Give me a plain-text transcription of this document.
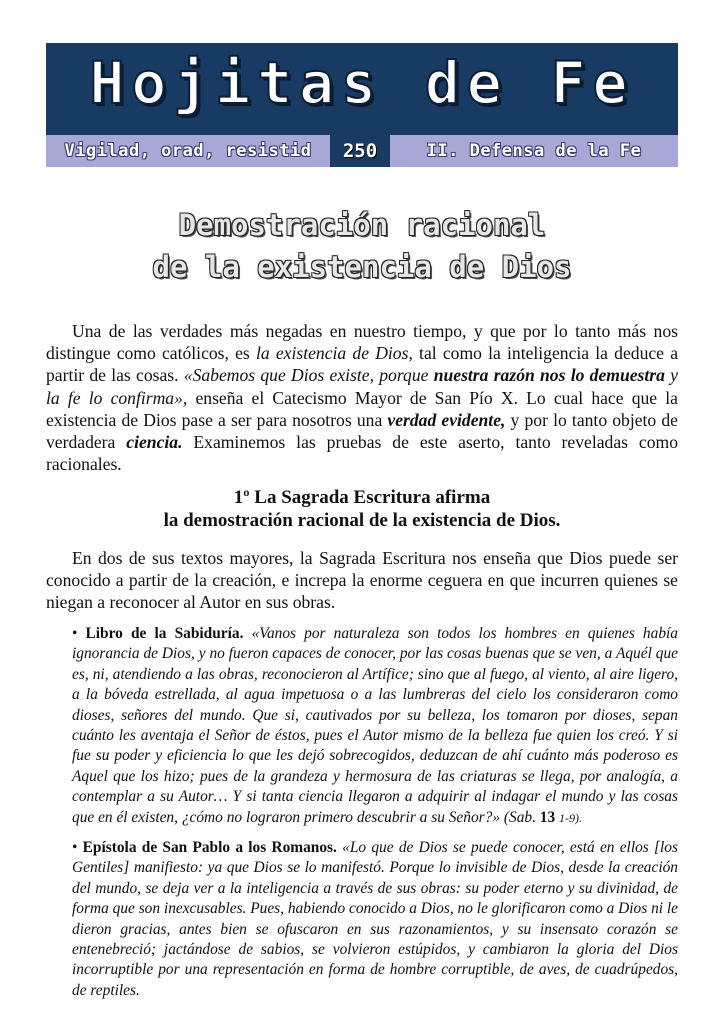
Hojitas de Fe
Vigilad, orad, resistid	250	II. Defensa de la Fe
Demostración racional
de la existencia de Dios

Una de las verdades más negadas en nuestro tiempo, y que por lo tanto más nos distingue como católicos, es la existencia de Dios, tal como la inteligencia la deduce a partir de las cosas. «Sabemos que Dios existe, porque nuestra razón nos lo demuestra y la fe lo confirma», enseña el Catecismo Mayor de San Pío X. Lo cual hace que la existencia de Dios pase a ser para nosotros una verdad evidente, y por lo tanto objeto de verdadera ciencia. Examinemos las pruebas de este aserto, tanto reveladas como racionales.

1º La Sagrada Escritura afirma
la demostración racional de la existencia de Dios.

En dos de sus textos mayores, la Sagrada Escritura nos enseña que Dios puede ser conocido a partir de la creación, e increpa la enorme ceguera en que incurren quienes se niegan a reconocer al Autor en sus obras.

• Libro de la Sabiduría. «Vanos por naturaleza son todos los hombres en quienes había ignorancia de Dios, y no fueron capaces de conocer, por las cosas buenas que se ven, a Aquél que es, ni, atendiendo a las obras, reconocieron al Artífice; sino que al fuego, al viento, al aire ligero, a la bóveda estrellada, al agua impetuosa o a las lumbreras del cielo los consideraron como dioses, señores del mundo. Que si, cautivados por su belleza, los tomaron por dioses, sepan cuánto les aventaja el Señor de éstos, pues el Autor mismo de la belleza fue quien los creó. Y si fue su poder y eficiencia lo que les dejó sobrecogidos, deduzcan de ahí cuánto más poderoso es Aquel que los hizo; pues de la grandeza y hermosura de las criaturas se llega, por analogía, a contemplar a su Autor… Y si tanta ciencia llegaron a adquirir al indagar el mundo y las cosas que en él existen, ¿cómo no lograron primero descubrir a su Señor?» (Sab. 13 1-9).

• Epístola de San Pablo a los Romanos. «Lo que de Dios se puede conocer, está en ellos [los Gentiles] manifiesto: ya que Dios se lo manifestó. Porque lo invisible de Dios, desde la creación del mundo, se deja ver a la inteligencia a través de sus obras: su poder eterno y su divinidad, de forma que son inexcusables. Pues, habiendo conocido a Dios, no le glorificaron como a Dios ni le dieron gracias, antes bien se ofuscaron en sus razonamientos, y su insensato corazón se entenebreció; jactándose de sabios, se volvieron estúpidos, y cambiaron la gloria del Dios incorruptible por una representación en forma de hombre corruptible, de aves, de cuadrúpedos, de reptiles.
